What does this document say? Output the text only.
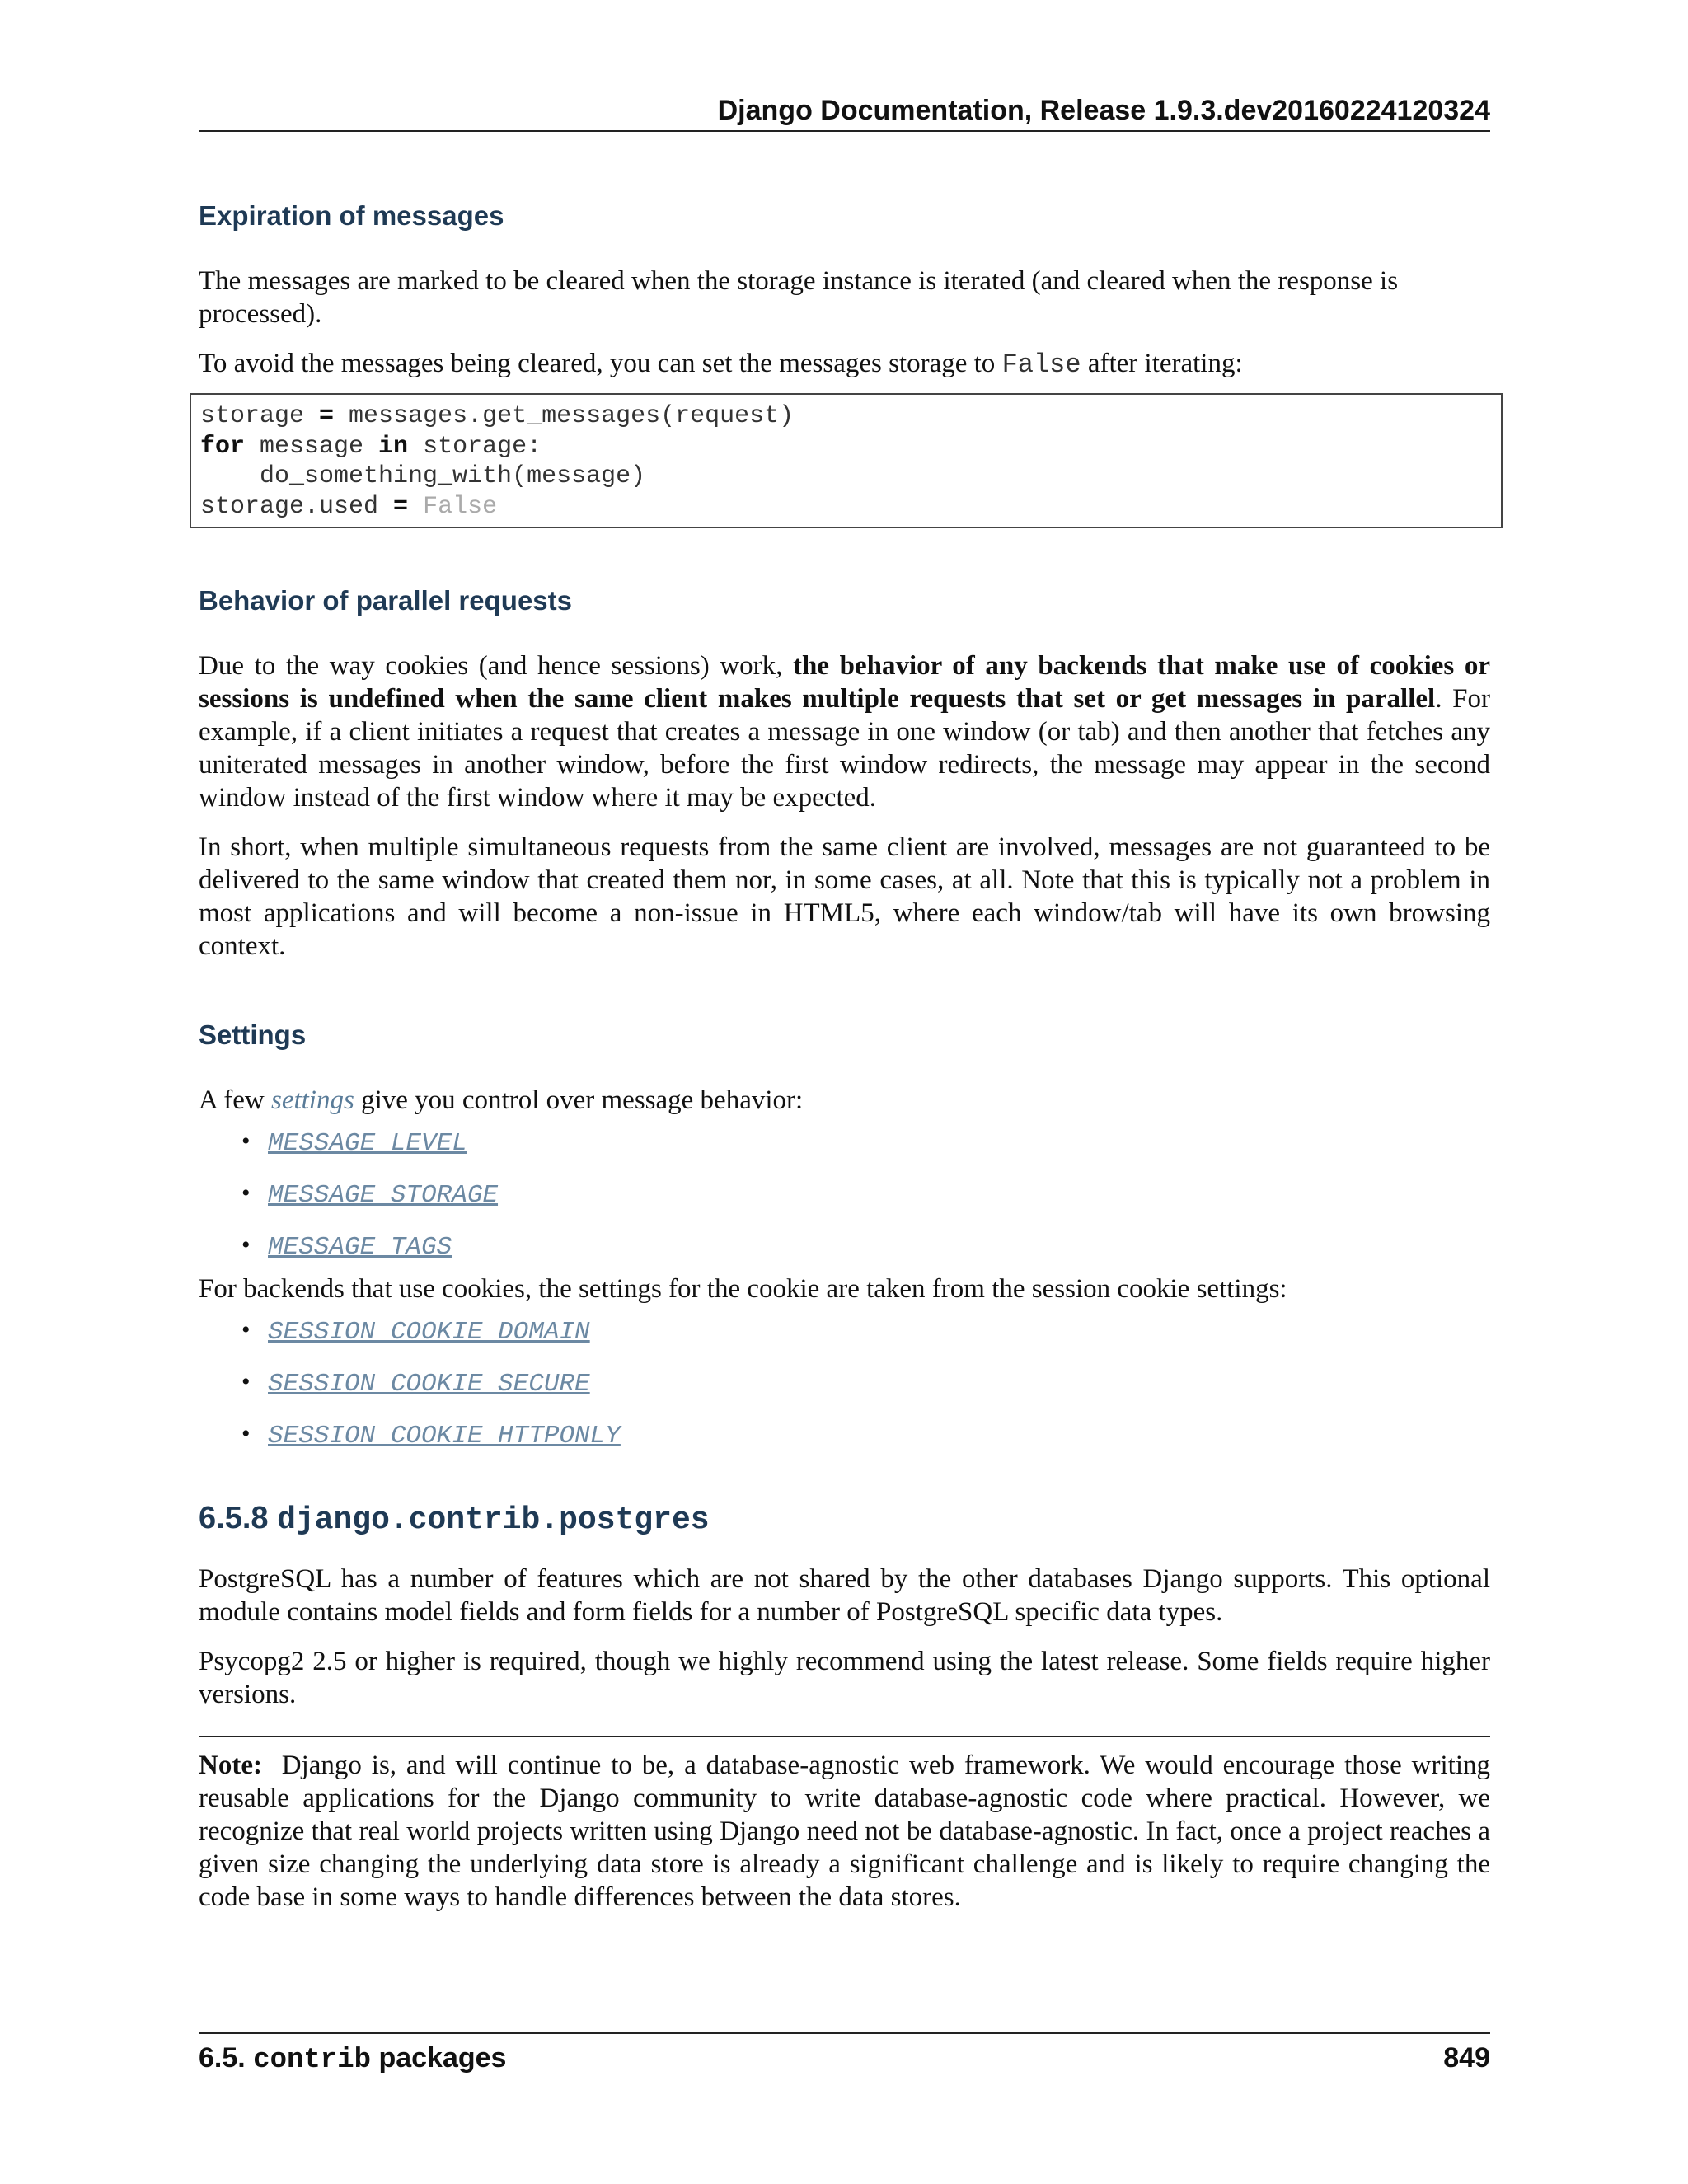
Django Documentation, Release 1.9.3.dev20160224120324
Expiration of messages

The messages are marked to be cleared when the storage instance is iterated (and cleared when the response is processed).

To avoid the messages being cleared, you can set the messages storage to False after iterating:

storage = messages.get_messages(request)
for message in storage:
do_something_with(message)
storage.used = False
Behavior of parallel requests

Due to the way cookies (and hence sessions) work, the behavior of any backends that make use of cookies or sessions is undefined when the same client makes multiple requests that set or get messages in parallel. For example, if a client initiates a request that creates a message in one window (or tab) and then another that fetches any uniterated messages in another window, before the first window redirects, the message may appear in the second window instead of the first window where it may be expected.

In short, when multiple simultaneous requests from the same client are involved, messages are not guaranteed to be delivered to the same window that created them nor, in some cases, at all. Note that this is typically not a problem in most applications and will become a non-issue in HTML5, where each window/tab will have its own browsing context.

Settings

A few settings give you control over message behavior:

• MESSAGE_LEVEL
• MESSAGE_STORAGE
• MESSAGE_TAGS

For backends that use cookies, the settings for the cookie are taken from the session cookie settings:

• SESSION_COOKIE_DOMAIN
• SESSION_COOKIE_SECURE
• SESSION_COOKIE_HTTPONLY
6.5.8 django.contrib.postgres

PostgreSQL has a number of features which are not shared by the other databases Django supports. This optional module contains model fields and form fields for a number of PostgreSQL specific data types.

Psycopg2 2.5 or higher is required, though we highly recommend using the latest release. Some fields require higher versions.

Note: Django is, and will continue to be, a database-agnostic web framework. We would encourage those writing reusable applications for the Django community to write database-agnostic code where practical. However, we recognize that real world projects written using Django need not be database-agnostic. In fact, once a project reaches a given size changing the underlying data store is already a significant challenge and is likely to require changing the code base in some ways to handle differences between the data stores.

6.5. contrib packages	849
